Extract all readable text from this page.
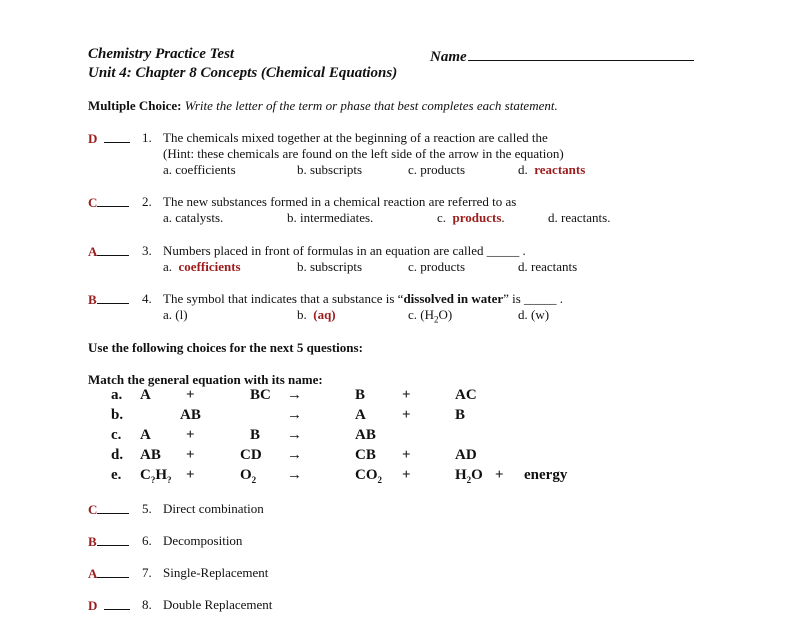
Chemistry Practice Test	Name
Unit 4: Chapter 8 Concepts (Chemical Equations)
Multiple Choice: Write the letter of the term or phase that best completes each statement.
D	1. The chemicals mixed together at the beginning of a reaction are called the
(Hint: these chemicals are found on the left side of the arrow in the equation)
a. coefficients	b. subscripts	c. products	d. reactants
C	2. The new substances formed in a chemical reaction are referred to as
a. catalysts.	b. intermediates.	c. products.	d. reactants.
A	3. Numbers placed in front of formulas in an equation are called _____ .
a. coefficients	b. subscripts	c. products	d. reactants
B	4. The symbol that indicates that a substance is “dissolved in water” is _____ .
a. (l)	b. (aq)	c. $(H_2O)$	d. (w)
Use the following choices for the next 5 questions:
Match the general equation with its name:
a. A +	BC →	B +	AC
b.	AB	→	A +	B
c. A +	B →	AB
d. AB +	CD →	CB +	AD
e. $C_?H_?$ +	$O_2$ →	$CO_2$ +	$H_2O$ + energy
C	5. Direct combination
B	6. Decomposition
A	7. Single-Replacement
D	8. Double Replacement
